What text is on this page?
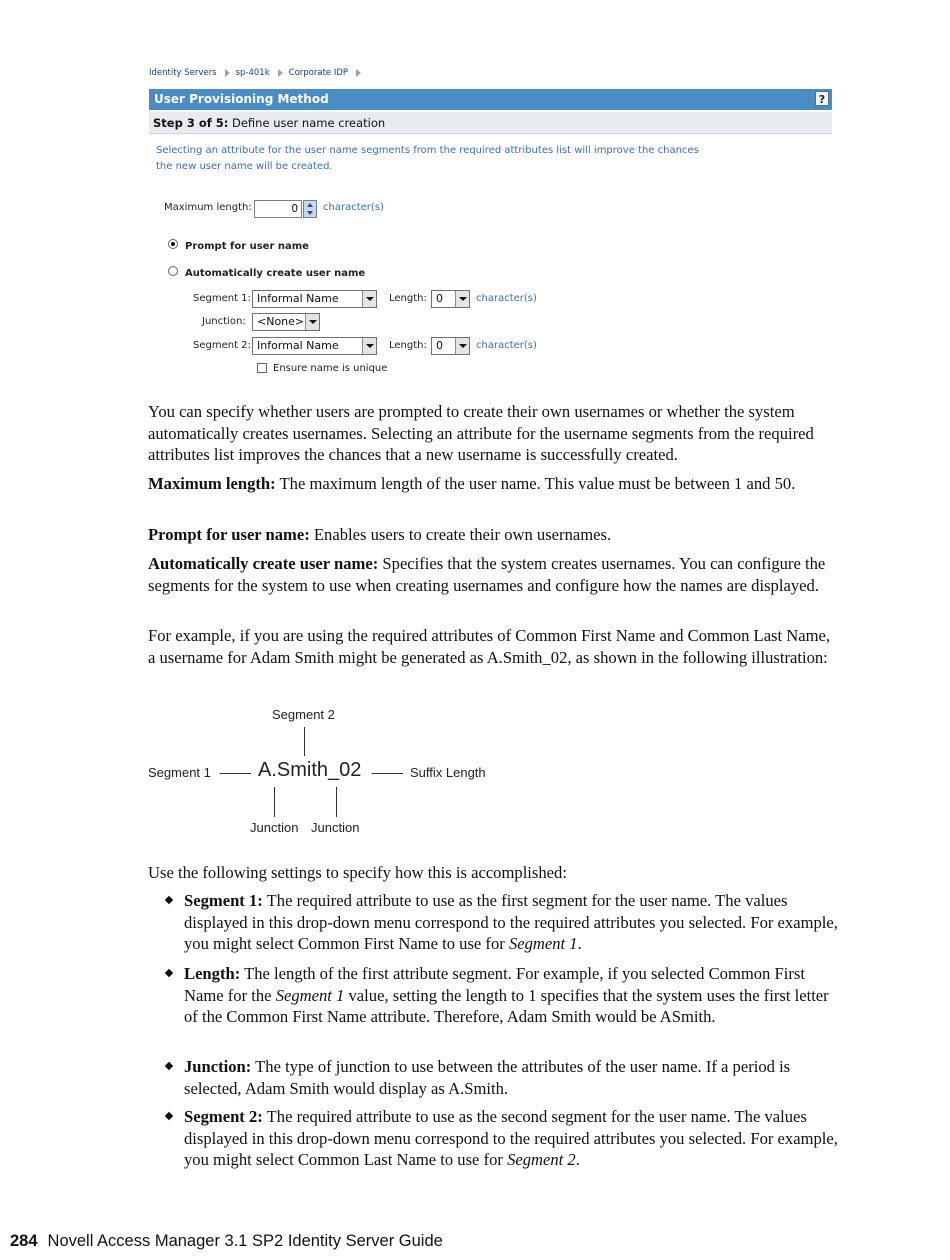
Identity Servers sp-401k Corporate IDP
User Provisioning Method	?
Step 3 of 5: Define user name creation
Selecting an attribute for the user name segments from the required attributes list will improve the chances
the new user name will be created.
Maximum length:	0	character(s)
Prompt for user name
Automatically create user name
Segment 1: Informal Name	Length: 0	character(s)
Junction:	<None>
Segment 2: Informal Name	Length: 0	character(s)
Ensure name is unique

You can specify whether users are prompted to create their own usernames or whether the system automatically creates usernames. Selecting an attribute for the username segments from the required attributes list improves the chances that a new username is successfully created.

Maximum length: The maximum length of the user name. This value must be between 1 and 50.

Prompt for user name: Enables users to create their own usernames.

Automatically create user name: Specifies that the system creates usernames. You can configure the segments for the system to use when creating usernames and configure how the names are displayed.

For example, if you are using the required attributes of Common First Name and Common Last Name, a username for Adam Smith might be generated as A.Smith_02, as shown in the following illustration:

Segment 2
Segment 1 A.Smith_02	Suffix Length
Junction Junction

Use the following settings to specify how this is accomplished:

Segment 1: The required attribute to use as the first segment for the user name. The values displayed in this drop-down menu correspond to the required attributes you selected. For example, you might select Common First Name to use for Segment 1.

Length: The length of the first attribute segment. For example, if you selected Common First Name for the Segment 1 value, setting the length to 1 specifies that the system uses the first letter of the Common First Name attribute. Therefore, Adam Smith would be ASmith.

Junction: The type of junction to use between the attributes of the user name. If a period is selected, Adam Smith would display as A.Smith.

Segment 2: The required attribute to use as the second segment for the user name. The values displayed in this drop-down menu correspond to the required attributes you selected. For example, you might select Common Last Name to use for Segment 2.

284 Novell Access Manager 3.1 SP2 Identity Server Guide
